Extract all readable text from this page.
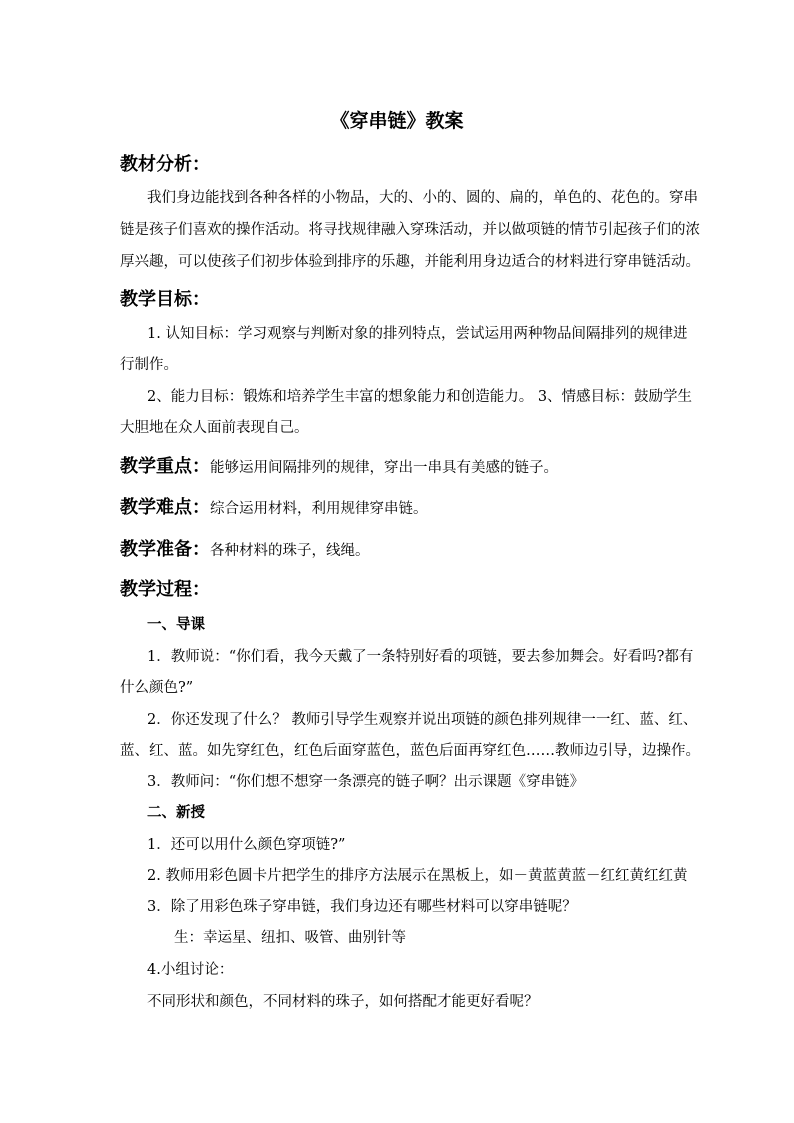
《穿串链》教案
教材分析：
我们身边能找到各种各样的小物品，大的、小的、圆的、扁的，单色的、花色的。穿串
链是孩子们喜欢的操作活动。将寻找规律融入穿珠活动，并以做项链的情节引起孩子们的浓
厚兴趣，可以使孩子们初步体验到排序的乐趣，并能利用身边适合的材料进行穿串链活动。
教学目标：
1. 认知目标：学习观察与判断对象的排列特点，尝试运用两种物品间隔排列的规律进
行制作。
2、能力目标：锻炼和培养学生丰富的想象能力和创造能力。 3、情感目标：鼓励学生
大胆地在众人面前表现自己。
教学重点：能够运用间隔排列的规律，穿出一串具有美感的链子。
教学难点：综合运用材料，利用规律穿串链。
教学准备：各种材料的珠子，线绳。
教学过程：
一、导课
1．教师说：“你们看，我今天戴了一条特别好看的项链，要去参加舞会。好看吗?都有
什么颜色?”
2．你还发现了什么？ 教师引导学生观察并说出项链的颜色排列规律一一红、蓝、红、
蓝、红、蓝。如先穿红色，红色后面穿蓝色，蓝色后面再穿红色……教师边引导，边操作。
3．教师问：“你们想不想穿一条漂亮的链子啊？出示课题《穿串链》
二、新授
1．还可以用什么颜色穿项链?”
2. 教师用彩色圆卡片把学生的排序方法展示在黑板上，如－黄蓝黄蓝－红红黄红红黄
3．除了用彩色珠子穿串链，我们身边还有哪些材料可以穿串链呢？
生：幸运星、纽扣、吸管、曲别针等
4.小组讨论：
不同形状和颜色，不同材料的珠子，如何搭配才能更好看呢？
